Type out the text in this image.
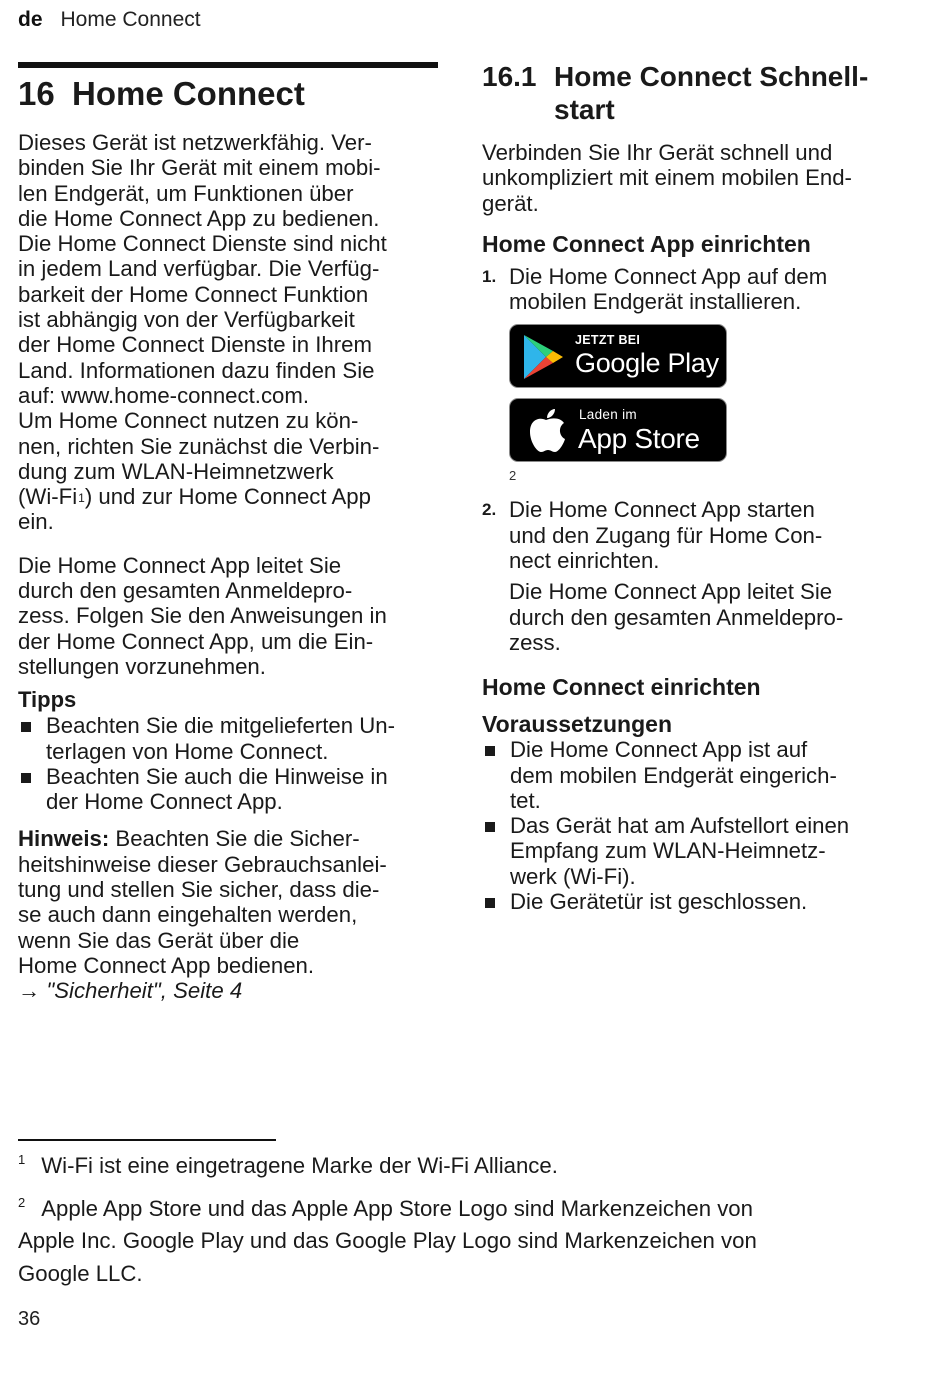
de Home Connect
16 Home Connect
Dieses Gerät ist netzwerkfähig. Ver-
binden Sie Ihr Gerät mit einem mobi-
len Endgerät, um Funktionen über
die Home Connect App zu bedienen.
Die Home Connect Dienste sind nicht
in jedem Land verfügbar. Die Verfüg-
barkeit der Home Connect Funktion
ist abhängig von der Verfügbarkeit
der Home Connect Dienste in Ihrem
Land. Informationen dazu finden Sie
auf: www.home-connect.com.
Um Home Connect nutzen zu kön-
nen, richten Sie zunächst die Verbin-
dung zum WLAN-Heimnetzwerk
(Wi-Fi$^1$) und zur Home Connect App
ein.
Die Home Connect App leitet Sie
durch den gesamten Anmeldepro-
zess. Folgen Sie den Anweisungen in
der Home Connect App, um die Ein-
stellungen vorzunehmen.
Tipps
Beachten Sie die mitgelieferten Un-
terlagen von Home Connect.
Beachten Sie auch die Hinweise in
der Home Connect App.
Hinweis: Beachten Sie die Sicher-
heitshinweise dieser Gebrauchsanlei-
tung und stellen Sie sicher, dass die-
se auch dann eingehalten werden,
wenn Sie das Gerät über die
Home Connect App bedienen.
→ "Sicherheit", Seite 4
16.1 Home Connect Schnell-
start
Verbinden Sie Ihr Gerät schnell und
unkompliziert mit einem mobilen End-
gerät.
Home Connect App einrichten
1. Die Home Connect App auf dem
mobilen Endgerät installieren.
JETZT BEI
Google Play
Laden im
App Store
2
2. Die Home Connect App starten
und den Zugang für Home Con-
nect einrichten.
Die Home Connect App leitet Sie
durch den gesamten Anmeldepro-
zess.
Home Connect einrichten
Voraussetzungen
Die Home Connect App ist auf
dem mobilen Endgerät eingerich-
tet.
Das Gerät hat am Aufstellort einen
Empfang zum WLAN-Heimnetz-
werk (Wi-Fi).
Die Gerätetür ist geschlossen.
$^1$ Wi-Fi ist eine eingetragene Marke der Wi-Fi Alliance.
$^2$ Apple App Store und das Apple App Store Logo sind Markenzeichen von
Apple Inc. Google Play und das Google Play Logo sind Markenzeichen von
Google LLC.
36
